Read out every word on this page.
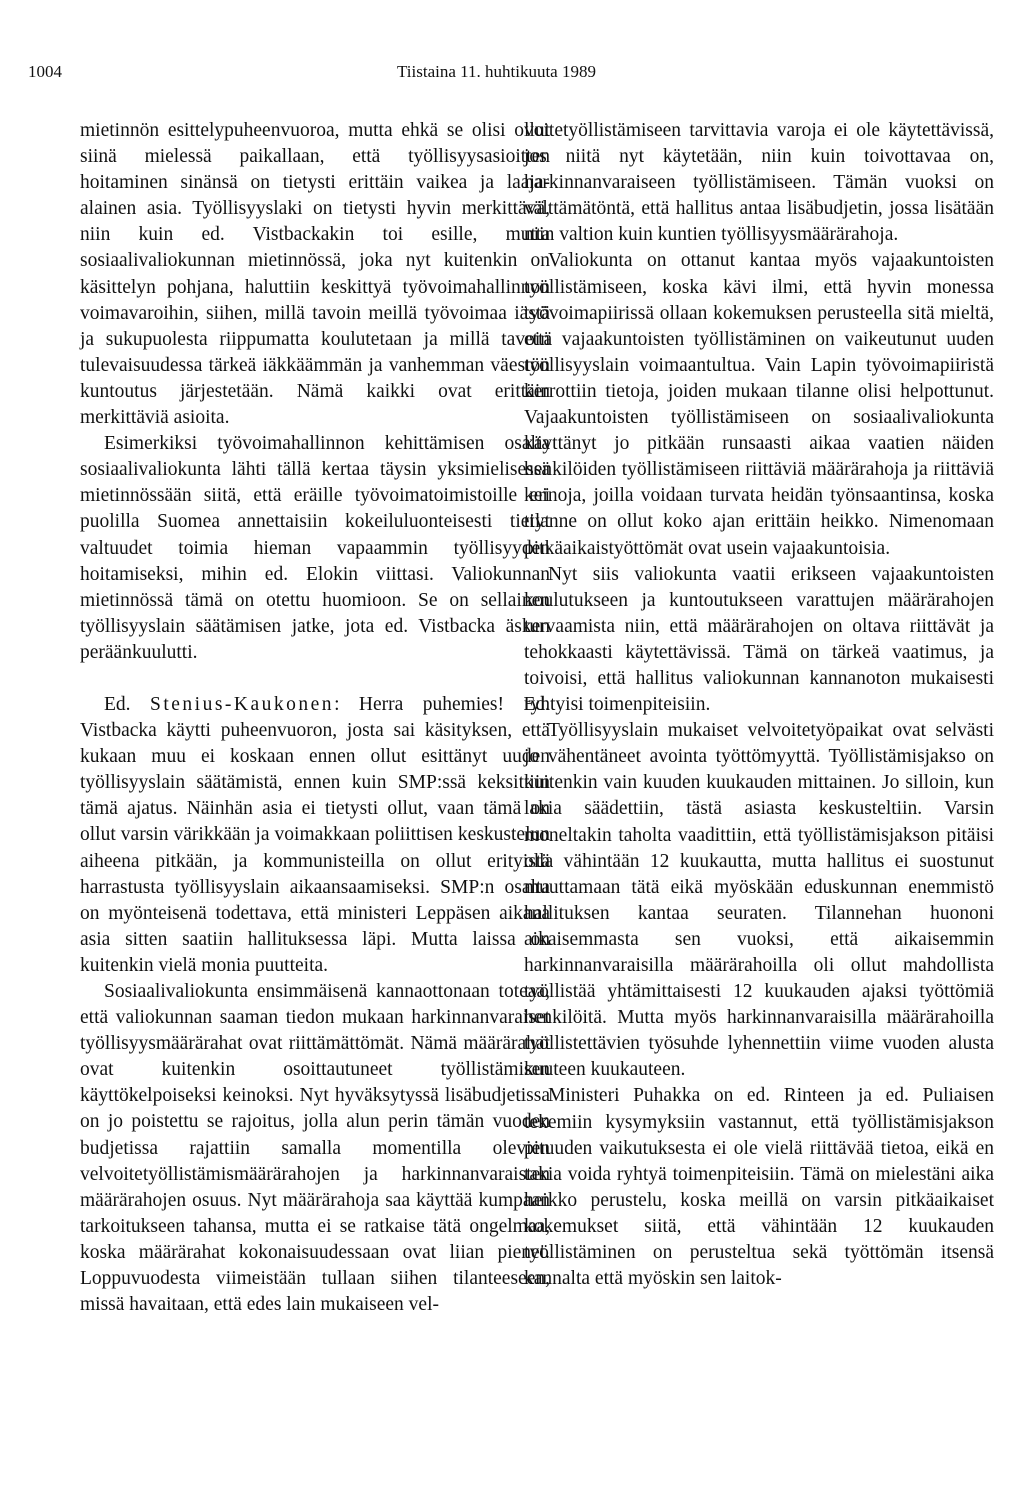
1004	Tiistaina 11. huhtikuuta 1989

mietinnön esittelypuheenvuoroa, mutta ehkä se olisi ollut siinä mielessä paikallaan, että työllisyysasioitten hoitaminen sinänsä on tietysti erittäin vaikea ja laaja-alainen asia. Työllisyyslaki on tietysti hyvin merkittävä, niin kuin ed. Vistbackakin toi esille, mutta sosiaalivaliokunnan mietinnössä, joka nyt kuitenkin on käsittelyn pohjana, haluttiin keskittyä työvoimahallinnon voimavaroihin, siihen, millä tavoin meillä työvoimaa iästä ja sukupuolesta riippumatta koulutetaan ja millä tavoin tulevaisuudessa tärkeä iäkkäämmän ja vanhemman väestön kuntoutus järjestetään. Nämä kaikki ovat erittäin merkittäviä asioita.

Esimerkiksi työvoimahallinnon kehittämisen osalta sosiaalivaliokunta lähti tällä kertaa täysin yksimielisessä mietinnössään siitä, että eräille työvoimatoimistoille eri puolilla Suomea annettaisiin kokeiluluonteisesti tietyt valtuudet toimia hieman vapaammin työllisyyden hoitamiseksi, mihin ed. Elokin viittasi. Valiokunnan mietinnössä tämä on otettu huomioon. Se on sellainen työllisyyslain säätämisen jatke, jota ed. Vistbacka äsken peräänkuulutti.

Ed. Stenius-Kaukonen: Herra puhemies! Ed. Vistbacka käytti puheenvuoron, josta sai käsityksen, että kukaan muu ei koskaan ennen ollut esittänyt uuden työllisyyslain säätämistä, ennen kuin SMP:ssä keksittiin tämä ajatus. Näinhän asia ei tietysti ollut, vaan tämä on ollut varsin värikkään ja voimakkaan poliittisen keskustelun aiheena pitkään, ja kommunisteilla on ollut erityistä harrastusta työllisyyslain aikaansaamiseksi. SMP:n osalta on myönteisenä todettava, että ministeri Leppäsen aikana asia sitten saatiin hallituksessa läpi. Mutta laissa on kuitenkin vielä monia puutteita.

Sosiaalivaliokunta ensimmäisenä kannaottonaan toteaa, että valiokunnan saaman tiedon mukaan harkinnanvaraiset työllisyysmäärärahat ovat riittämättömät. Nämä määrärahat ovat kuitenkin osoittautuneet työllistämisen käyttökelpoiseksi keinoksi. Nyt hyväksytyssä lisäbudjetissa on jo poistettu se rajoitus, jolla alun perin tämän vuoden budjetissa rajattiin samalla momentilla olevien velvoitetyöllistämismäärärahojen ja harkinnanvaraisten määrärahojen osuus. Nyt määrärahoja saa käyttää kumpaan tarkoitukseen tahansa, mutta ei se ratkaise tätä ongelmaa, koska määrärahat kokonaisuudessaan ovat liian pienet. Loppuvuodesta viimeistään tullaan siihen tilanteeseen, missä havaitaan, että edes lain mukaiseen vel-

voitetyöllistämiseen tarvittavia varoja ei ole käytettävissä, jos niitä nyt käytetään, niin kuin toivottavaa on, harkinnanvaraiseen työllistämiseen. Tämän vuoksi on välttämätöntä, että hallitus antaa lisäbudjetin, jossa lisätään niin valtion kuin kuntien työllisyysmäärärahoja.

Valiokunta on ottanut kantaa myös vajaakuntoisten työllistämiseen, koska kävi ilmi, että hyvin monessa työvoimapiirissä ollaan kokemuksen perusteella sitä mieltä, että vajaakuntoisten työllistäminen on vaikeutunut uuden työllisyyslain voimaantultua. Vain Lapin työvoimapiiristä kerrottiin tietoja, joiden mukaan tilanne olisi helpottunut. Vajaakuntoisten työllistämiseen on sosiaalivaliokunta käyttänyt jo pitkään runsaasti aikaa vaatien näiden henkilöiden työllistämiseen riittäviä määrärahoja ja riittäviä keinoja, joilla voidaan turvata heidän työnsaantinsa, koska tilanne on ollut koko ajan erittäin heikko. Nimenomaan pitkäaikaistyöttömät ovat usein vajaakuntoisia.

Nyt siis valiokunta vaatii erikseen vajaakuntoisten koulutukseen ja kuntoutukseen varattujen määrärahojen turvaamista niin, että määrärahojen on oltava riittävät ja tehokkaasti käytettävissä. Tämä on tärkeä vaatimus, ja toivoisi, että hallitus valiokunnan kannanoton mukaisesti ryhtyisi toimenpiteisiin.

Työllisyyslain mukaiset velvoitetyöpaikat ovat selvästi jo vähentäneet avointa työttömyyttä. Työllistämisjakso on kuitenkin vain kuuden kuukauden mittainen. Jo silloin, kun lakia säädettiin, tästä asiasta keskusteltiin. Varsin moneltakin taholta vaadittiin, että työllistämisjakson pitäisi olla vähintään 12 kuukautta, mutta hallitus ei suostunut muuttamaan tätä eikä myöskään eduskunnan enemmistö hallituksen kantaa seuraten. Tilannehan huononi aikaisemmasta sen vuoksi, että aikaisemmin harkinnanvaraisilla määrärahoilla oli ollut mahdollista työllistää yhtämittaisesti 12 kuukauden ajaksi työttömiä henkilöitä. Mutta myös harkinnanvaraisilla määrärahoilla työllistettävien työsuhde lyhennettiin viime vuoden alusta kuuteen kuukauteen.

Ministeri Puhakka on ed. Rinteen ja ed. Puliaisen tekemiin kysymyksiin vastannut, että työllistämisjakson pituuden vaikutuksesta ei ole vielä riittävää tietoa, eikä en takia voida ryhtyä toimenpiteisiin. Tämä on mielestäni aika heikko perustelu, koska meillä on varsin pitkäaikaiset kokemukset siitä, että vähintään 12 kuukauden työllistäminen on perusteltua sekä työttömän itsensä kannalta että myöskin sen laitok-
